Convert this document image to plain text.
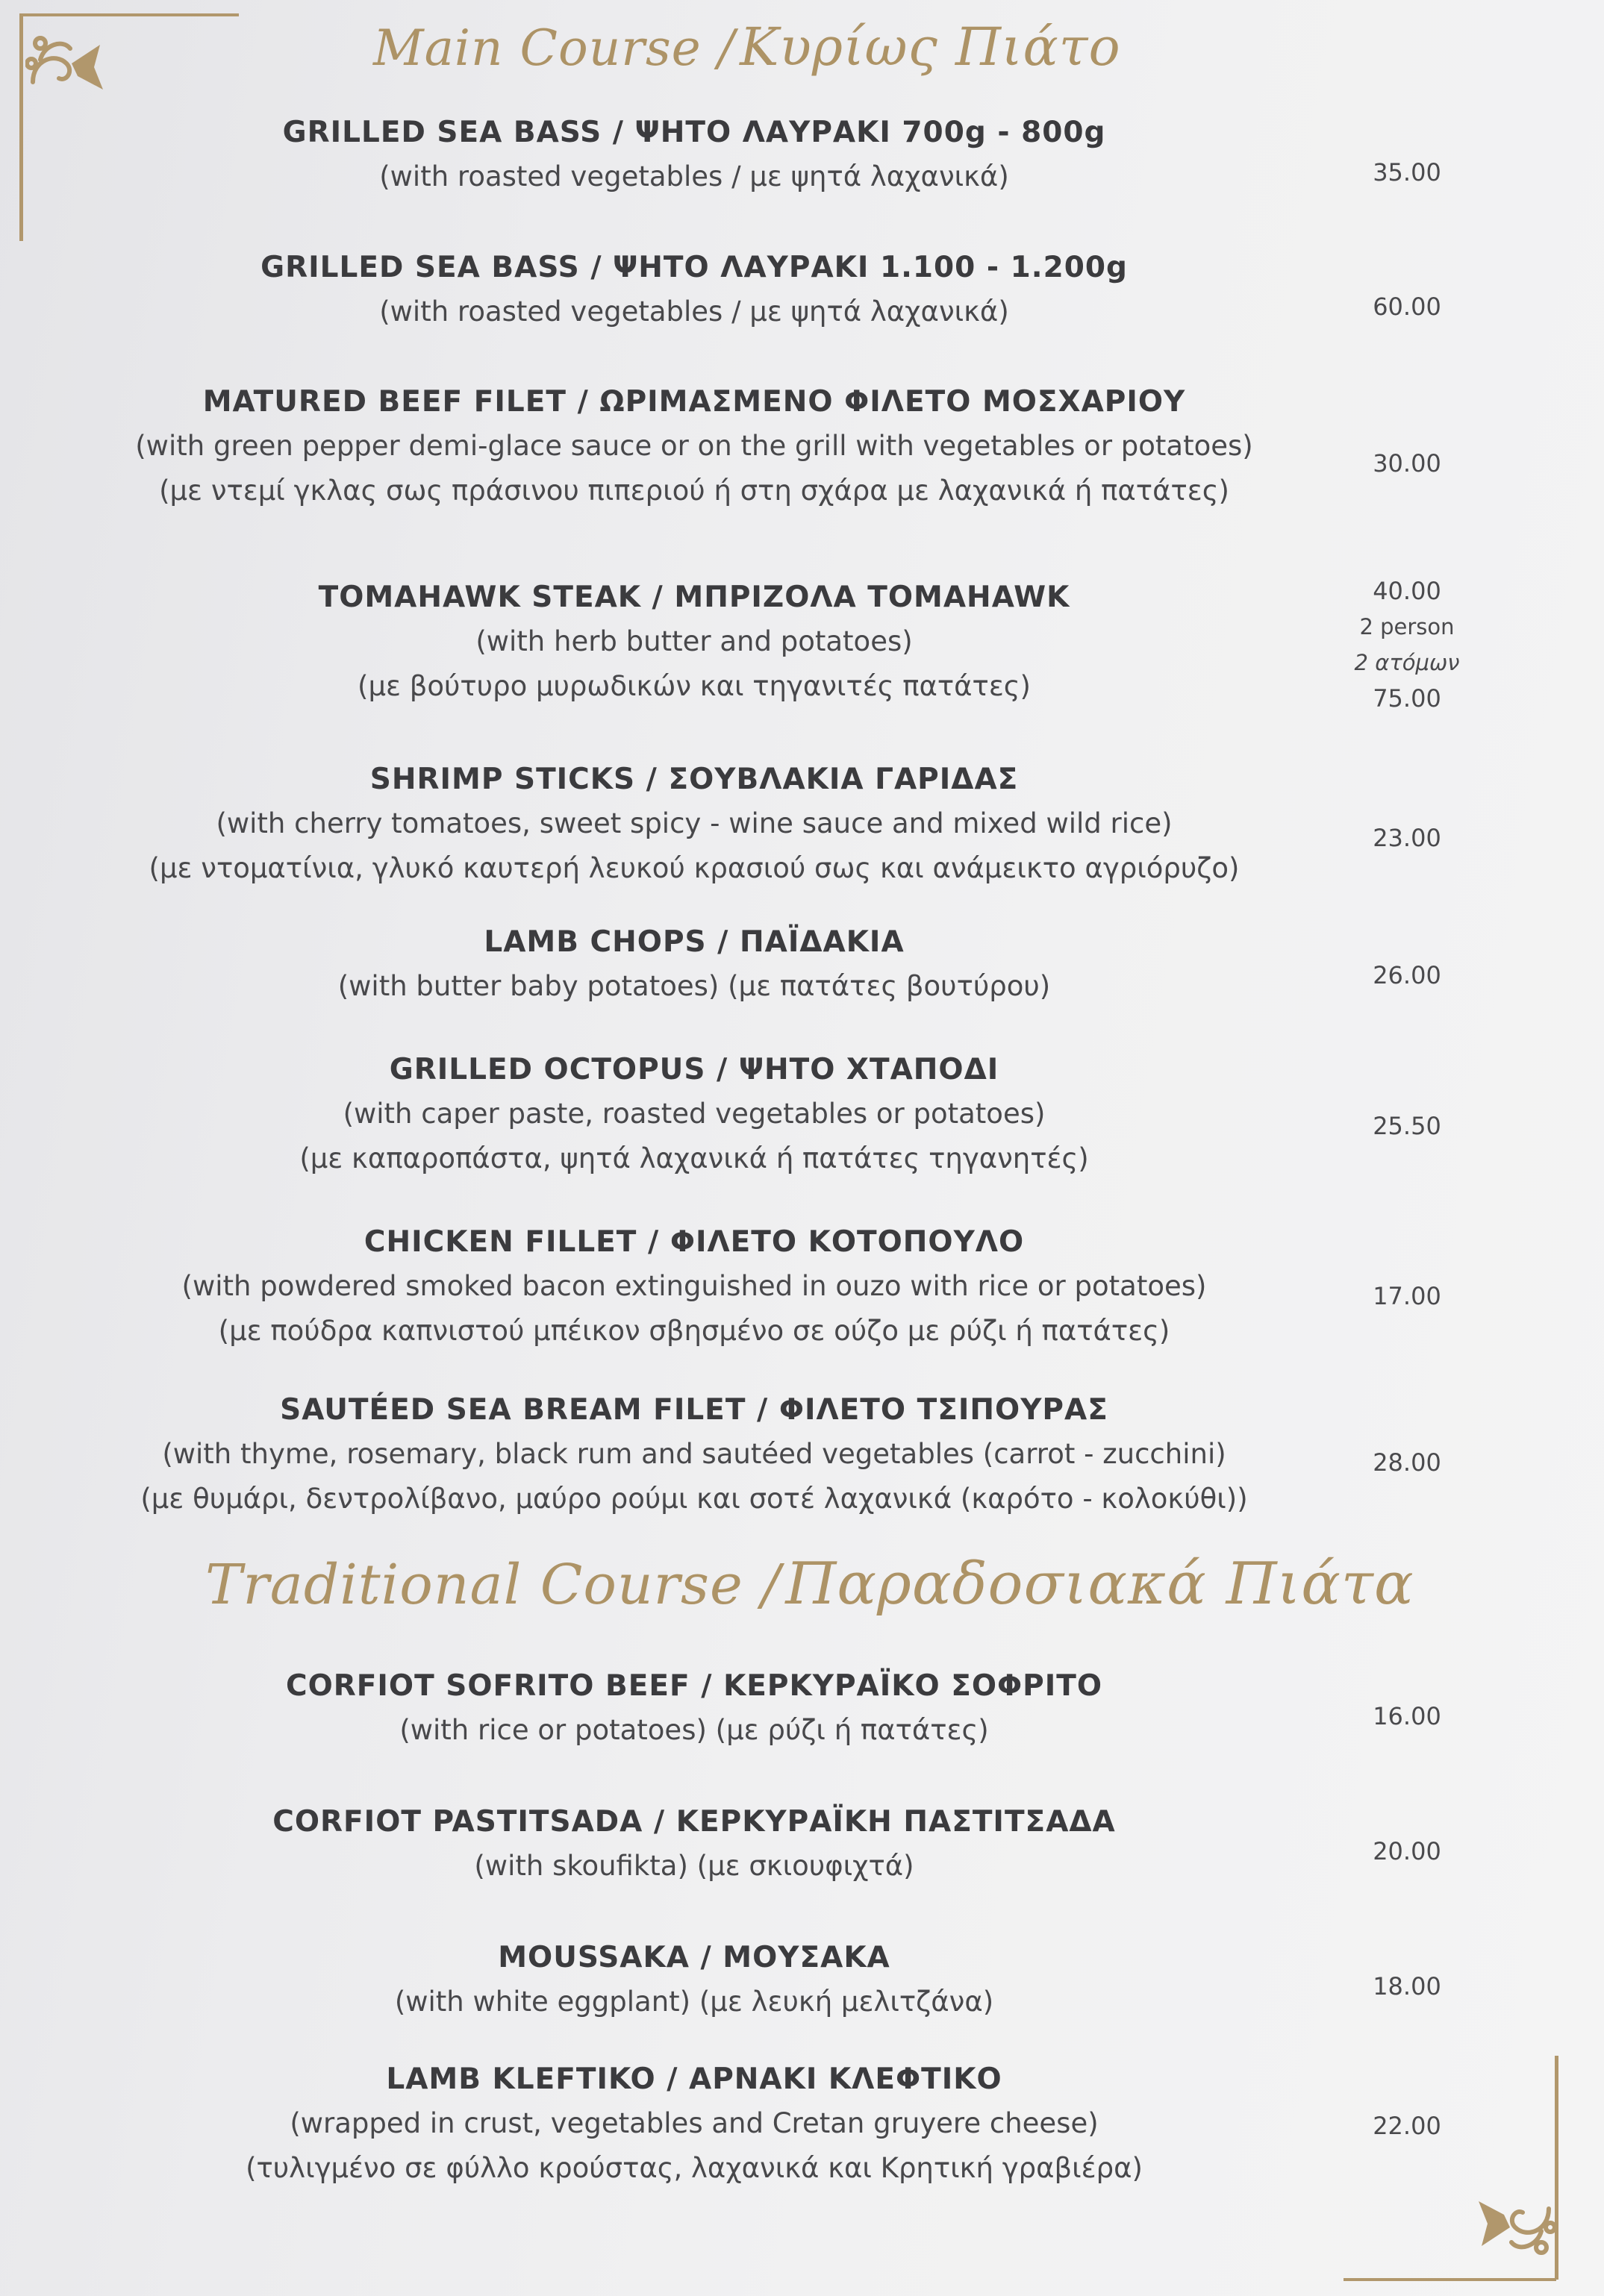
Main Course / Κυρίως Πιάτο
GRILLED SEA BASS / ΨΗΤΟ ΛΑΥΡΑΚΙ 700g - 800g
(with roasted vegetables / με ψητά λαχανικά)	35.00
GRILLED SEA BASS / ΨΗΤΟ ΛΑΥΡΑΚΙ 1.100 - 1.200g
(with roasted vegetables / με ψητά λαχανικά)	60.00
MATURED BEEF FILET / ΩΡΙΜΑΣΜΕΝΟ ΦΙΛΕΤΟ ΜΟΣΧΑΡΙΟΥ
(with green pepper demi-glace sauce or on the grill with vegetables or potatoes)
(με ντεμί γκλας σως πράσινου πιπεριού ή στη σχάρα με λαχανικά ή πατάτες)
30.00
TOMAHAWK STEAK / ΜΠΡΙΖΟΛΑ TOMAHAWK
(with herb butter and potatoes)
(με βούτυρο μυρωδικών και τηγανιτές πατάτες)
40.00
2 person
2 ατόμων
75.00
SHRIMP STICKS / ΣΟΥΒΛΑΚΙΑ ΓΑΡΙΔΑΣ
(with cherry tomatoes, sweet spicy - wine sauce and mixed wild rice)
(με ντοματίνια, γλυκό καυτερή λευκού κρασιού σως και ανάμεικτο αγριόρυζο)
23.00
LAMB CHOPS / ΠΑΪΔΑΚΙΑ
(with butter baby potatoes) (με πατάτες βουτύρου)	26.00
GRILLED OCTOPUS / ΨΗΤΟ ΧΤΑΠΟΔΙ
(with caper paste, roasted vegetables or potatoes)
(με καπαροπάστα, ψητά λαχανικά ή πατάτες τηγανητές)
25.50
CHICKEN FILLET / ΦΙΛΕΤΟ ΚΟΤΟΠΟΥΛΟ
(with powdered smoked bacon extinguished in ouzo with rice or potatoes)
(με πούδρα καπνιστού μπέικον σβησμένο σε ούζο με ρύζι ή πατάτες)
17.00
SAUTÉED SEA BREAM FILET / ΦΙΛΕΤΟ ΤΣΙΠΟΥΡΑΣ
(with thyme, rosemary, black rum and sautéed vegetables (carrot - zucchini)
(με θυμάρι, δεντρολίβανο, μαύρο ρούμι και σοτέ λαχανικά (καρότο - κολοκύθι))
28.00
Traditional Course / Παραδοσιακά Πιάτα
CORFIOT SOFRITO BEEF / ΚΕΡΚΥΡΑΪΚΟ ΣΟΦΡΙΤΟ
(with rice or potatoes) (με ρύζι ή πατάτες)	16.00
CORFIOT PASTITSADA / ΚΕΡΚΥΡΑΪΚΗ ΠΑΣΤΙΤΣΑΔΑ
(with skoufikta) (με σκιουφιχτά)	20.00
MOUSSAKA / ΜΟΥΣΑΚΑ
(with white eggplant) (με λευκή μελιτζάνα)	18.00
LAMB KLEFTIKO / ΑΡΝΑΚΙ ΚΛΕΦΤΙΚΟ
(wrapped in crust, vegetables and Cretan gruyere cheese)
(τυλιγμένο σε φύλλο κρούστας, λαχανικά και Κρητική γραβιέρα)
22.00
